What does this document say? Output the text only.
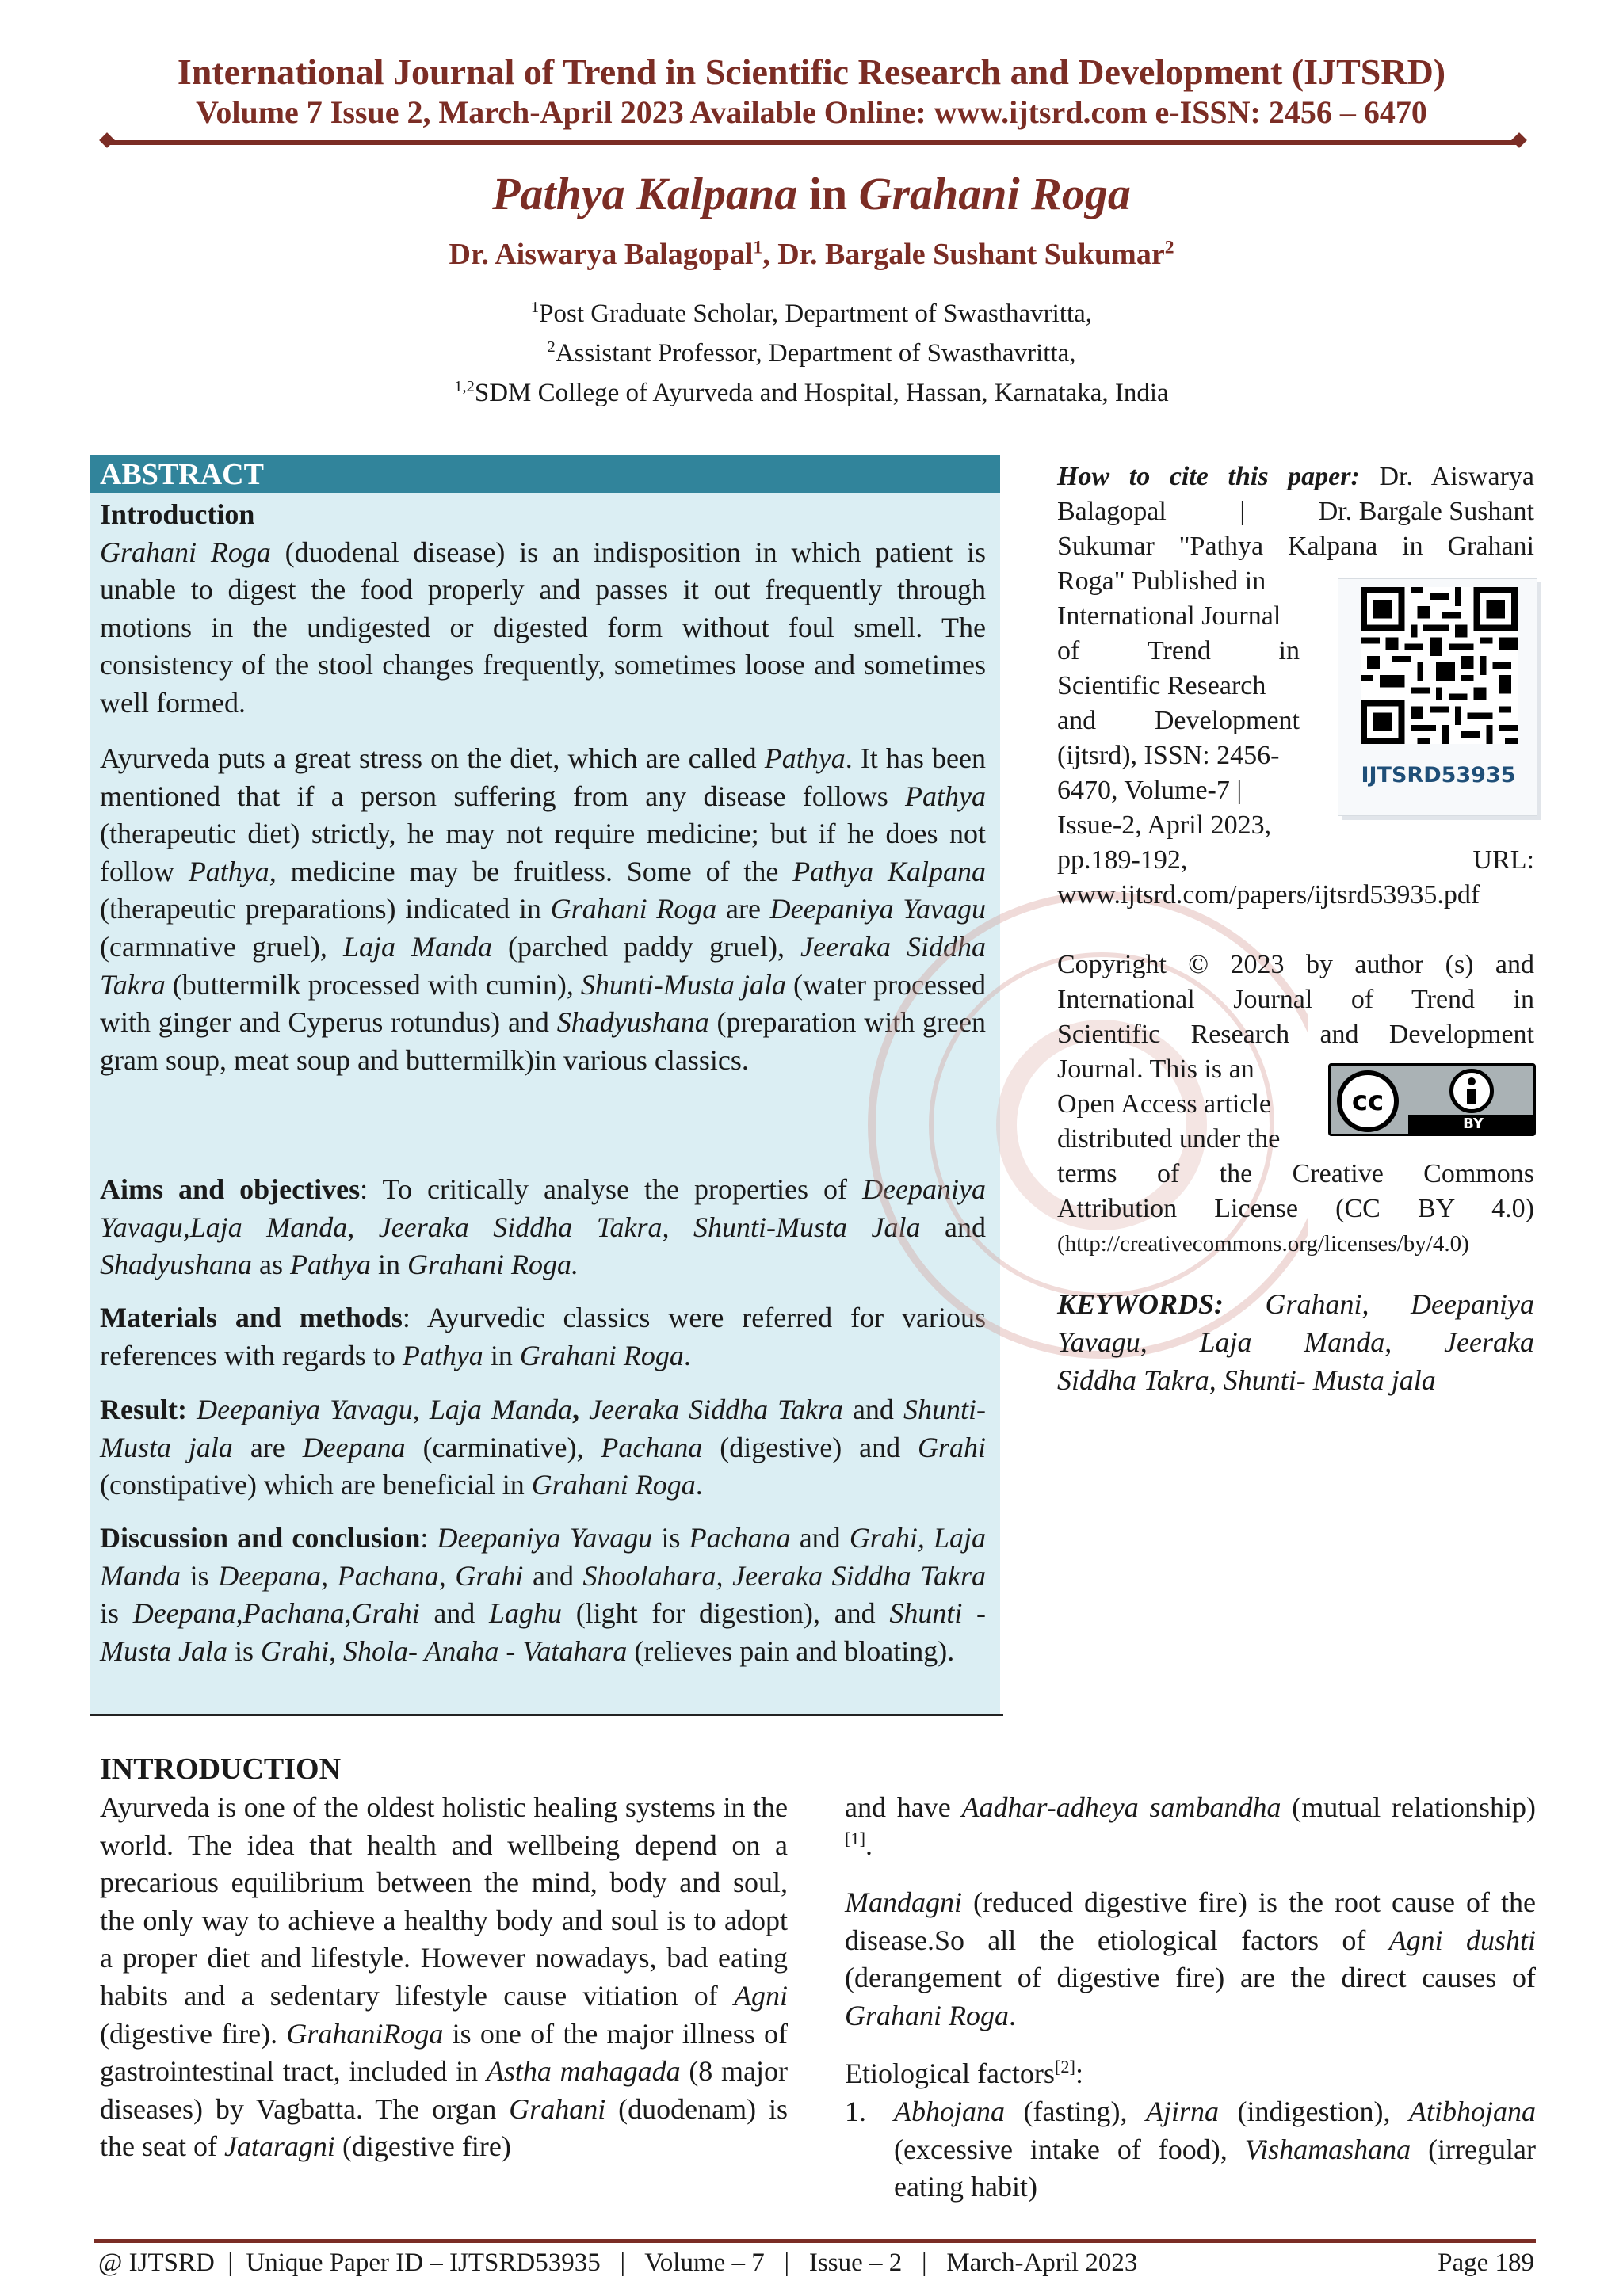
International Journal of Trend in Scientific Research and Development (IJTSRD)
Volume 7 Issue 2, March-April 2023 Available Online: www.ijtsrd.com e-ISSN: 2456 – 6470
Pathya Kalpana in Grahani Roga
Dr. Aiswarya Balagopal$^1$, Dr. Bargale Sushant Sukumar$^2$
$^1$Post Graduate Scholar, Department of Swasthavritta,
$^2$Assistant Professor, Department of Swasthavritta,
$^{1,2}$SDM College of Ayurveda and Hospital, Hassan, Karnataka, India
ABSTRACT
Introduction
Grahani Roga (duodenal disease) is an indisposition in which patient is unable to digest the food properly and passes it out frequently through motions in the undigested or digested form without foul smell. The consistency of the stool changes frequently, sometimes loose and sometimes well formed.
Ayurveda puts a great stress on the diet, which are called Pathya. It has been mentioned that if a person suffering from any disease follows Pathya (therapeutic diet) strictly, he may not require medicine; but if he does not follow Pathya, medicine may be fruitless. Some of the Pathya Kalpana (therapeutic preparations) indicated in Grahani Roga are Deepaniya Yavagu (carmnative gruel), Laja Manda (parched paddy gruel), Jeeraka Siddha Takra (buttermilk processed with cumin), Shunti-Musta jala (water processed with ginger and Cyperus rotundus) and Shadyushana (preparation with green gram soup, meat soup and buttermilk)in various classics.
Aims and objectives: To critically analyse the properties of Deepaniya Yavagu,Laja Manda, Jeeraka Siddha Takra, Shunti-Musta Jala and Shadyushana as Pathya in Grahani Roga.
Materials and methods: Ayurvedic classics were referred for various references with regards to Pathya in Grahani Roga.
Result: Deepaniya Yavagu, Laja Manda, Jeeraka Siddha Takra and Shunti-Musta jala are Deepana (carminative), Pachana (digestive) and Grahi (constipative) which are beneficial in Grahani Roga.
Discussion and conclusion: Deepaniya Yavagu is Pachana and Grahi, Laja Manda is Deepana, Pachana, Grahi and Shoolahara, Jeeraka Siddha Takra is Deepana,Pachana,Grahi and Laghu (light for digestion), and Shunti -Musta Jala is Grahi, Shola- Anaha - Vatahara (relieves pain and bloating).
How to cite this paper: Dr. Aiswarya
Balagopal	|	Dr. Bargale Sushant
Sukumar "Pathya Kalpana in Grahani
Roga" Published in
International Journal
of	Trend	in
Scientific Research
and Development
(ijtsrd), ISSN: 2456-
6470, Volume-7 |
Issue-2, April 2023,
pp.189-192,	URL:
www.ijtsrd.com/papers/ijtsrd53935.pdf
IJTSRD53935
Copyright © 2023 by author (s) and
International Journal of Trend in
Scientific Research and Development
Journal. This is an
Open Access article
distributed under the
terms of the Creative Commons
Attribution License (CC BY 4.0)
(http://creativecommons.org/licenses/by/4.0)
cc
BY
KEYWORDS: Grahani, Deepaniya
Yavagu, Laja Manda, Jeeraka
Siddha Takra, Shunti- Musta jala
INTRODUCTION
Ayurveda is one of the oldest holistic healing systems in the world. The idea that health and wellbeing depend on a precarious equilibrium between the mind, body and soul, the only way to achieve a healthy body and soul is to adopt a proper diet and lifestyle. However nowadays, bad eating habits and a sedentary lifestyle cause vitiation of Agni (digestive fire). GrahaniRoga is one of the major illness of gastrointestinal tract, included in Astha mahagada (8 major diseases) by Vagbatta. The organ Grahani (duodenam) is the seat of Jataragni (digestive fire)
and have Aadhar-adheya sambandha (mutual relationship)[1].
Mandagni (reduced digestive fire) is the root cause of the disease.So all the etiological factors of Agni dushti (derangement of digestive fire) are the direct causes of Grahani Roga.
Etiological factors[2]:
1. Abhojana (fasting), Ajirna (indigestion), Atibhojana (excessive intake of food), Vishamashana (irregular eating habit)
@ IJTSRD  |  Unique Paper ID – IJTSRD53935   |   Volume – 7   |   Issue – 2   |   March-April 2023	Page 189
